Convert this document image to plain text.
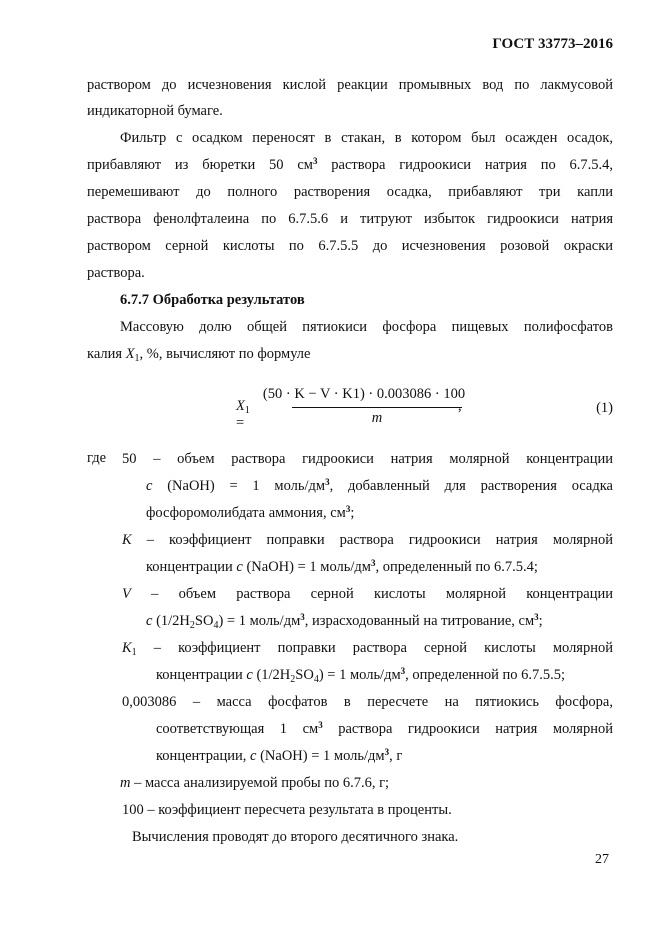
ГОСТ 33773–2016
раствором до исчезновения кислой реакции промывных вод по лакмусовой
индикаторной бумаге.
Фильтр с осадком переносят в стакан, в котором был осажден осадок,
прибавляют из бюретки 50 $см^3$ раствора гидроокиси натрия по 6.7.5.4,
перемешивают до полного растворения осадка, прибавляют три капли
раствора фенолфталеина по 6.7.5.6 и титруют избыток гидроокиси натрия
раствором серной кислоты по 6.7.5.5 до исчезновения розовой окраски
раствора.
6.7.7 Обработка результатов
Массовую долю общей пятиокиси фосфора пищевых полифосфатов
калия $X_1$, %, вычисляют по формуле
$X_1$ =
(50 · K − V · K1) · 0.003086 · 100
m
,	(1)
где 50 – объем раствора гидроокиси натрия молярной концентрации
c (NaOH) = 1 моль/$дм^3$, добавленный для растворения осадка
фосфоромолибдата аммония, $см^3$;
K – коэффициент поправки раствора гидроокиси натрия молярной
концентрации c (NaOH) = 1 моль/$дм^3$, определенный по 6.7.5.4;
V – объем раствора серной кислоты молярной концентрации
c $(1/2H_2SO_4) = 1$ моль/$дм^3$, израсходованный на титрование, $см^3$;
$K_1$ – коэффициент поправки раствора серной кислоты молярной
концентрации c $(1/2H_2SO_4) = 1$ моль/$дм^3$, определенной по 6.7.5.5;
0,003086 – масса фосфатов в пересчете на пятиокись фосфора,
соответствующая 1 $см^3$ раствора гидроокиси натрия молярной
концентрации, c (NaOH) = 1 моль/$дм^3$, г
m – масса анализируемой пробы по 6.7.6, г;
100 – коэффициент пересчета результата в проценты.
Вычисления проводят до второго десятичного знака.
27
